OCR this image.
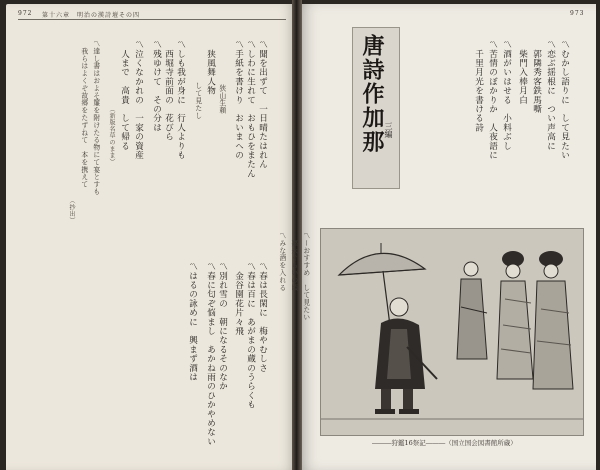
972 第十六章　明治の漢詩壇その四
〽聞を出ずて　一日晴たはれん
〽しわに生れて　おもひをまたん
〽手紙を書けり　おいまへの
　　　　　　狭山生頼
　狭風舞人物
　　　して見たし
〽しも我が身に　行人よりも
　西堀寺前面の　花びら
〽残ゆけて　その分は
〽泣くなかれの　一家の資産
　人まで　高貴　して帰る
　　　　　（新版名草のまま）
〽達し書はおよそ簾を附けたる物にて宴とすも
　我らはよくぞ故郷をたずねて　本を携えて
　（抄出）
〽春は長閑に　梅やむしさ
〽春は百に　あがまの蔵のうらくも
　金谷園花片々飛
〽別れ雪の　朝になるそのなか
〽春に匂ぞ悩まし　あかね雨のひかやめない
〽はるの詠めに　興まず酒は
973
唐詩作加那 三編	〽むかし語りに　して見たい
〽恋ぶ揺根に　つい声高に
　郭隣秀客鉄馬嘶
　柴門入棒月白
〽酒がいはせる　小料ぶし
〽苦情のぼかりか　人夜語に
　千里月光を書ける詩
〽ーおすすめ　して見たい
　嘉永ぐらいの頃
〽みな酒を入れる
―――狩鑑16祭記―――（国立国会図書館所蔵）
